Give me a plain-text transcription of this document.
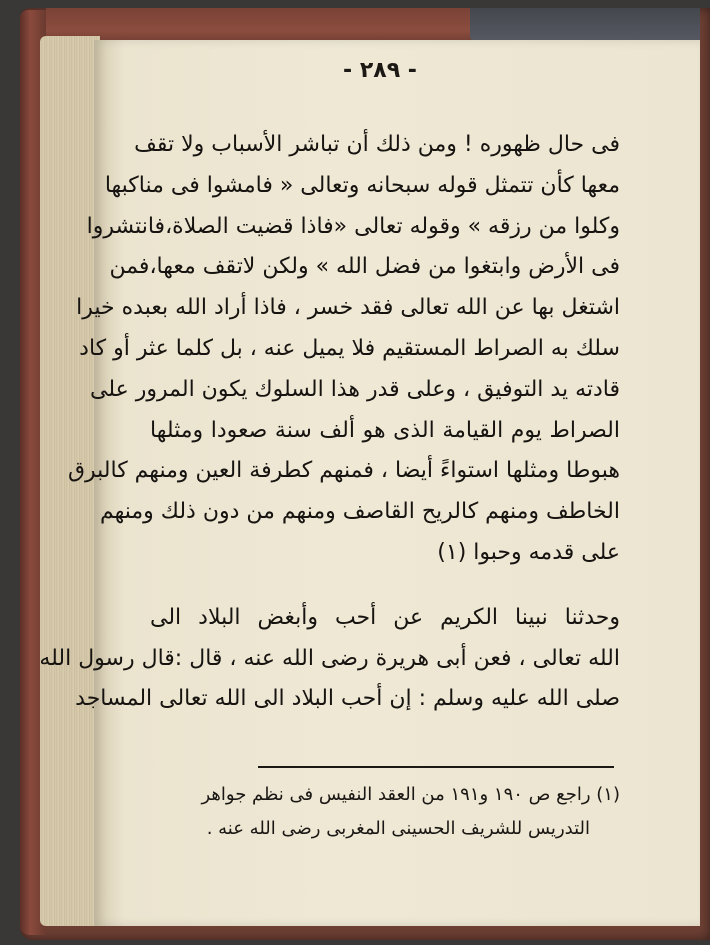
- ٢٨٩ -
فى حال ظهوره ! ومن ذلك أن تباشر الأسباب ولا تقف
معها كأن تتمثل قوله سبحانه وتعالى « فامشوا فى مناكبها
وكلوا من رزقه » وقوله تعالى «فاذا قضيت الصلاة،فانتشروا
فى الأرض وابتغوا من فضل الله » ولكن لاتقف معها،فمن
اشتغل بها عن الله تعالى فقد خسر ، فاذا أراد الله بعبده خيرا
سلك به الصراط المستقيم فلا يميل عنه ، بل كلما عثر أو كاد
قادته يد التوفيق ، وعلى قدر هذا السلوك يكون المرور على
الصراط يوم القيامة الذى هو ألف سنة صعودا ومثلها
هبوطا ومثلها استواءً أيضا ، فمنهم كطرفة العين ومنهم كالبرق
الخاطف ومنهم كالريح القاصف ومنهم من دون ذلك ومنهم
على قدمه وحبوا (١)
وحدثنا نبينا الكريم عن أحب وأبغض البلاد الى
الله تعالى ، فعن أبى هريرة رضى الله عنه ، قال :قال رسول الله
صلى الله عليه وسلم : إن أحب البلاد الى الله تعالى المساجد
(١) راجع ص ١٩٠ و١٩١ من العقد النفيس فى نظم جواهر
التدريس للشريف الحسينى المغربى رضى الله عنه .
